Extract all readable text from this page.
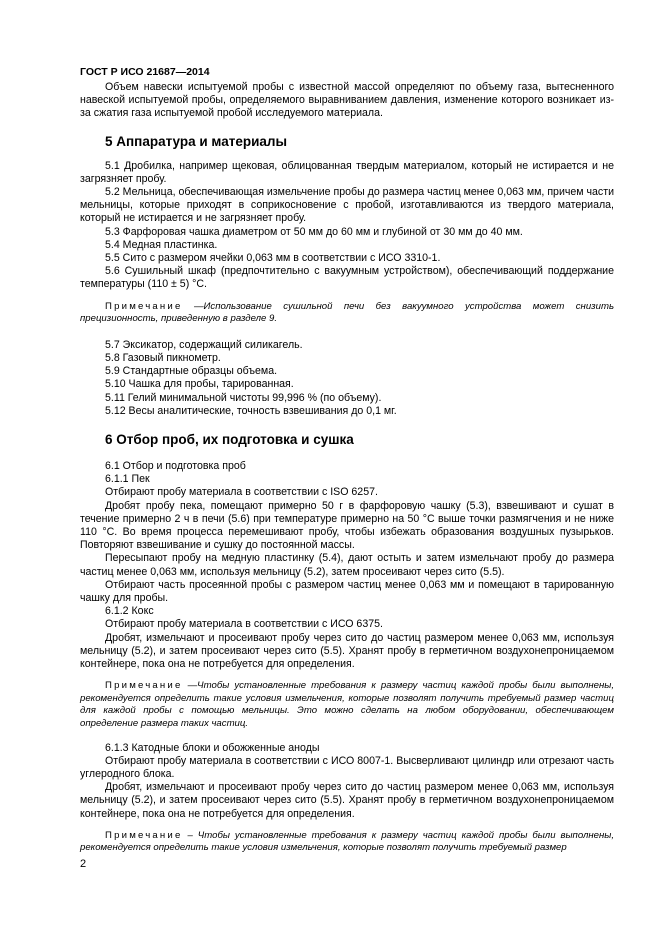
ГОСТ Р ИСО 21687—2014

Объем навески испытуемой пробы с известной массой определяют по объему газа, вытесненного навеской испытуемой пробы, определяемого выравниванием давления, изменение которого возникает из-за сжатия газа испытуемой пробой исследуемого материала.

5 Аппаратура и материалы

5.1 Дробилка, например щековая, облицованная твердым материалом, который не истирается и не загрязняет пробу.

5.2 Мельница, обеспечивающая измельчение пробы до размера частиц менее 0,063 мм, причем части мельницы, которые приходят в соприкосновение с пробой, изготавливаются из твердого материала, который не истирается и не загрязняет пробу.

5.3 Фарфоровая чашка диаметром от 50 мм до 60 мм и глубиной от 30 мм до 40 мм.

5.4 Медная пластинка.

5.5 Сито с размером ячейки 0,063 мм в соответствии с ИСО 3310-1.

5.6 Сушильный шкаф (предпочтительно с вакуумным устройством), обеспечивающий поддержание температуры (110 ± 5) °С.

Примечание —Использование сушильной печи без вакуумного устройства может снизить прецизионность, приведенную в разделе 9.

5.7 Эксикатор, содержащий силикагель.

5.8 Газовый пикнометр.

5.9 Стандартные образцы объема.

5.10 Чашка для пробы, тарированная.

5.11 Гелий минимальной чистоты 99,996 % (по объему).

5.12 Весы аналитические, точность взвешивания до 0,1 мг.

6 Отбор проб, их подготовка и сушка

6.1 Отбор и подготовка проб

6.1.1 Пек

Отбирают пробу материала в соответствии с ISO 6257.

Дробят пробу пека, помещают примерно 50 г в фарфоровую чашку (5.3), взвешивают и сушат в течение примерно 2 ч в печи (5.6) при температуре примерно на 50 °С выше точки размягчения и не ниже 110 °С. Во время процесса перемешивают пробу, чтобы избежать образования воздушных пузырьков. Повторяют взвешивание и сушку до постоянной массы.

Пересыпают пробу на медную пластинку (5.4), дают остыть и затем измельчают пробу до размера частиц менее 0,063 мм, используя мельницу (5.2), затем просеивают через сито (5.5).

Отбирают часть просеянной пробы с размером частиц менее 0,063 мм и помещают в тарированную чашку для пробы.

6.1.2 Кокс

Отбирают пробу материала в соответствии с ИСО 6375.

Дробят, измельчают и просеивают пробу через сито до частиц размером менее 0,063 мм, используя мельницу (5.2), и затем просеивают через сито (5.5). Хранят пробу в герметичном воздухонепроницаемом контейнере, пока она не потребуется для определения.

Примечание —Чтобы установленные требования к размеру частиц каждой пробы были выполнены, рекомендуется определить такие условия измельчения, которые позволят получить требуемый размер частиц для каждой пробы с помощью мельницы. Это можно сделать на любом оборудовании, обеспечивающем определение размера таких частиц.

6.1.3 Катодные блоки и обожженные аноды

Отбирают пробу материала в соответствии с ИСО 8007-1. Высверливают цилиндр или отрезают часть углеродного блока.

Дробят, измельчают и просеивают пробу через сито до частиц размером менее 0,063 мм, используя мельницу (5.2), и затем просеивают через сито (5.5). Хранят пробу в герметичном воздухонепроницаемом контейнере, пока она не потребуется для определения.

Примечание – Чтобы установленные требования к размеру частиц каждой пробы были выполнены, рекомендуется определить такие условия измельчения, которые позволят получить требуемый размер

2
